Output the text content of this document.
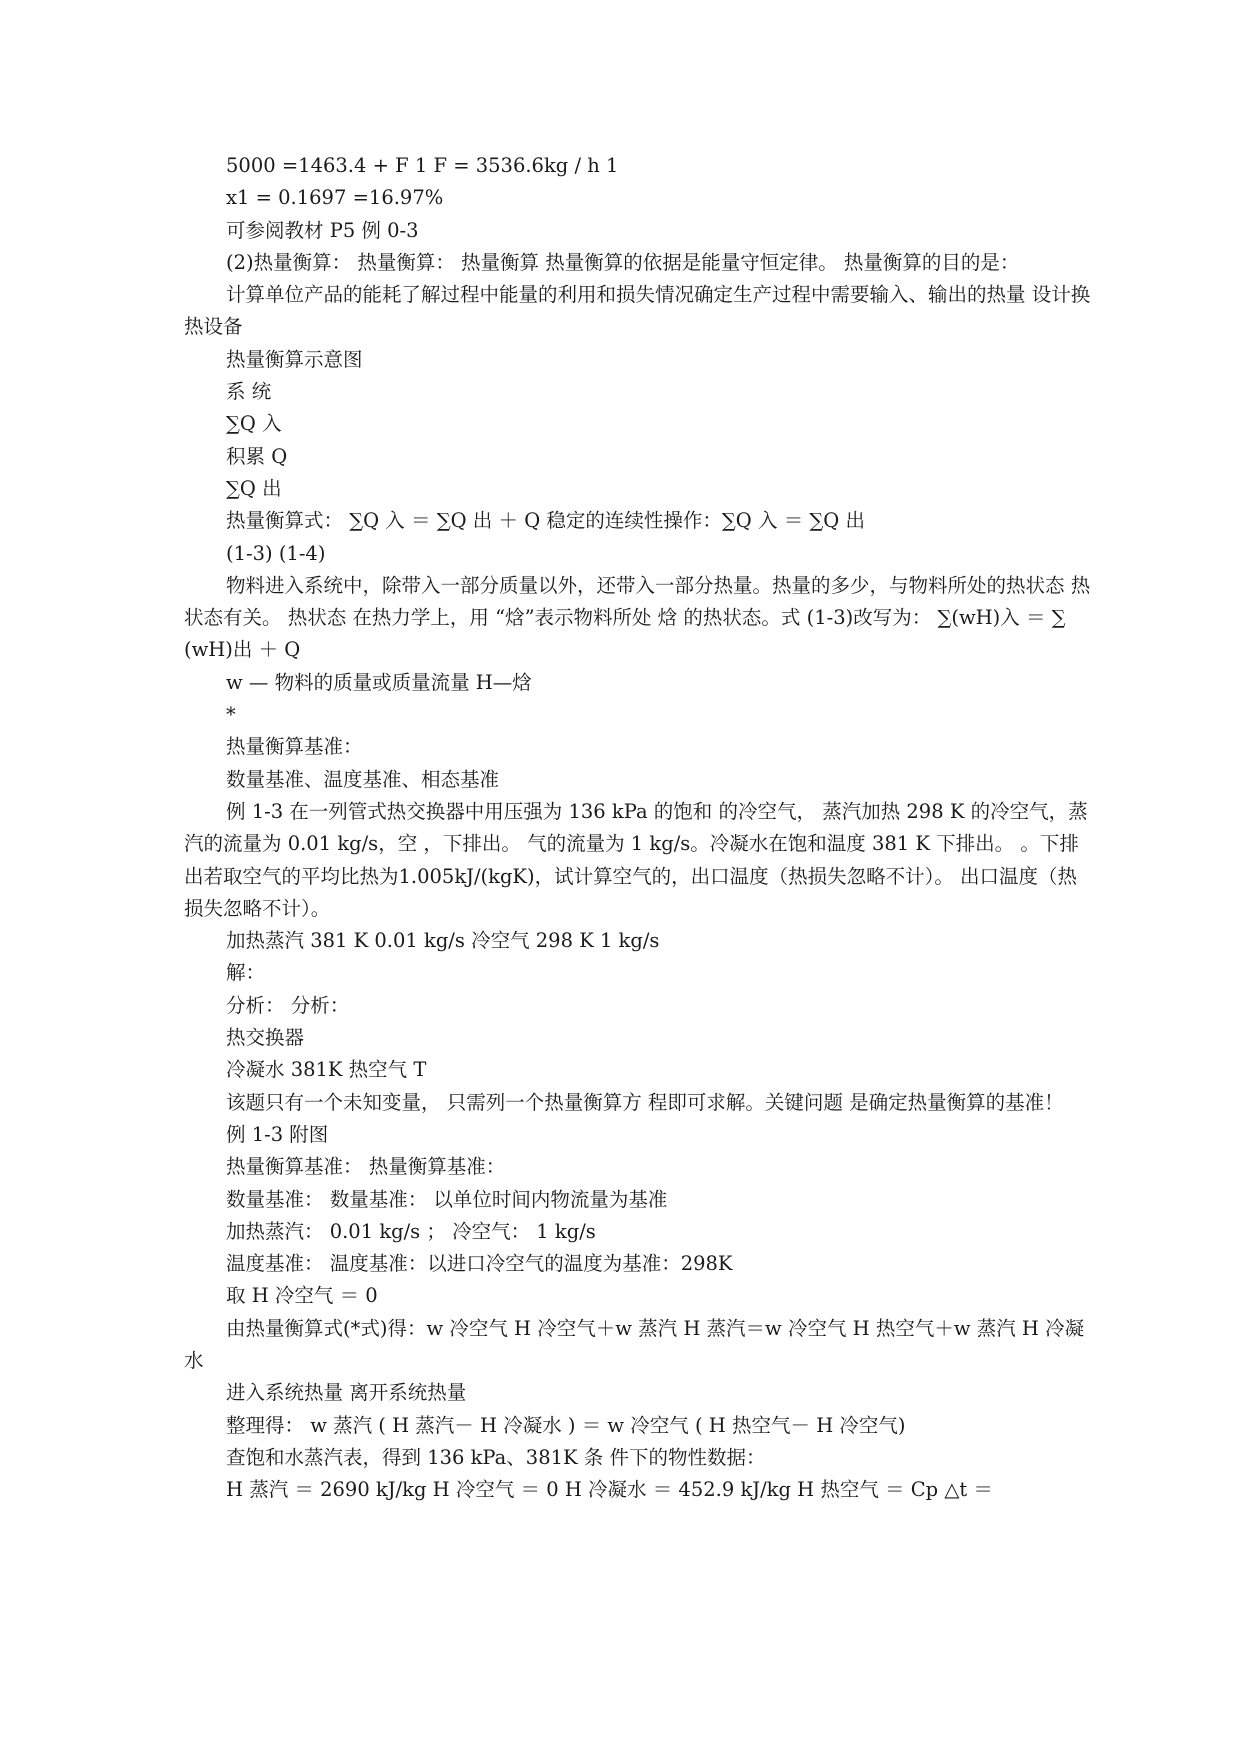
5000 =1463.4 + F 1 F = 3536.6kg / h 1

x1 = 0.1697 =16.97%

可参阅教材 P5 例 0-3

(2)热量衡算： 热量衡算： 热量衡算 热量衡算的依据是能量守恒定律。 热量衡算的目的是：

计算单位产品的能耗了解过程中能量的利用和损失情况确定生产过程中需要输入、输出的热量 设计换热设备

热量衡算示意图

系 统

∑Q 入

积累 Q

∑Q 出

热量衡算式： ∑Q 入 ＝ ∑Q 出 ＋ Q 稳定的连续性操作：∑Q 入 ＝ ∑Q 出

(1-3) (1-4)

物料进入系统中，除带入一部分质量以外，还带入一部分热量。热量的多少，与物料所处的热状态 热状态有关。 热状态 在热力学上，用 “焓”表示物料所处 焓 的热状态。式 (1-3)改写为： ∑(wH)入 ＝ ∑ (wH)出 ＋ Q

w — 物料的质量或质量流量 H—焓

*

热量衡算基准：

数量基准、温度基准、相态基准

例 1-3 在一列管式热交换器中用压强为 136 kPa 的饱和 的冷空气， 蒸汽加热 298 K 的冷空气，蒸汽的流量为 0.01 kg/s，空 ，下排出。 气的流量为 1 kg/s。冷凝水在饱和温度 381 K 下排出。 。下排出若取空气的平均比热为1.005kJ/(kgK)，试计算空气的，出口温度（热损失忽略不计）。 出口温度（热损失忽略不计）。

加热蒸汽 381 K 0.01 kg/s 冷空气 298 K 1 kg/s

解：

分析： 分析：

热交换器

冷凝水 381K 热空气 T

该题只有一个未知变量， 只需列一个热量衡算方 程即可求解。关键问题 是确定热量衡算的基准！

例 1-3 附图

热量衡算基准： 热量衡算基准：

数量基准： 数量基准： 以单位时间内物流量为基准

加热蒸汽： 0.01 kg/s ； 冷空气： 1 kg/s

温度基准： 温度基准：以进口冷空气的温度为基准：298K

取 H 冷空气 ＝ 0

由热量衡算式(*式)得：w 冷空气 H 冷空气＋w 蒸汽 H 蒸汽＝w 冷空气 H 热空气＋w 蒸汽 H 冷凝水

进入系统热量 离开系统热量

整理得： w 蒸汽 ( H 蒸汽－ H 冷凝水 ) ＝ w 冷空气 ( H 热空气－ H 冷空气)

查饱和水蒸汽表，得到 136 kPa、381K 条 件下的物性数据：

H 蒸汽 ＝ 2690 kJ/kg H 冷空气 ＝ 0 H 冷凝水 ＝ 452.9 kJ/kg H 热空气 ＝ Cp △t ＝
